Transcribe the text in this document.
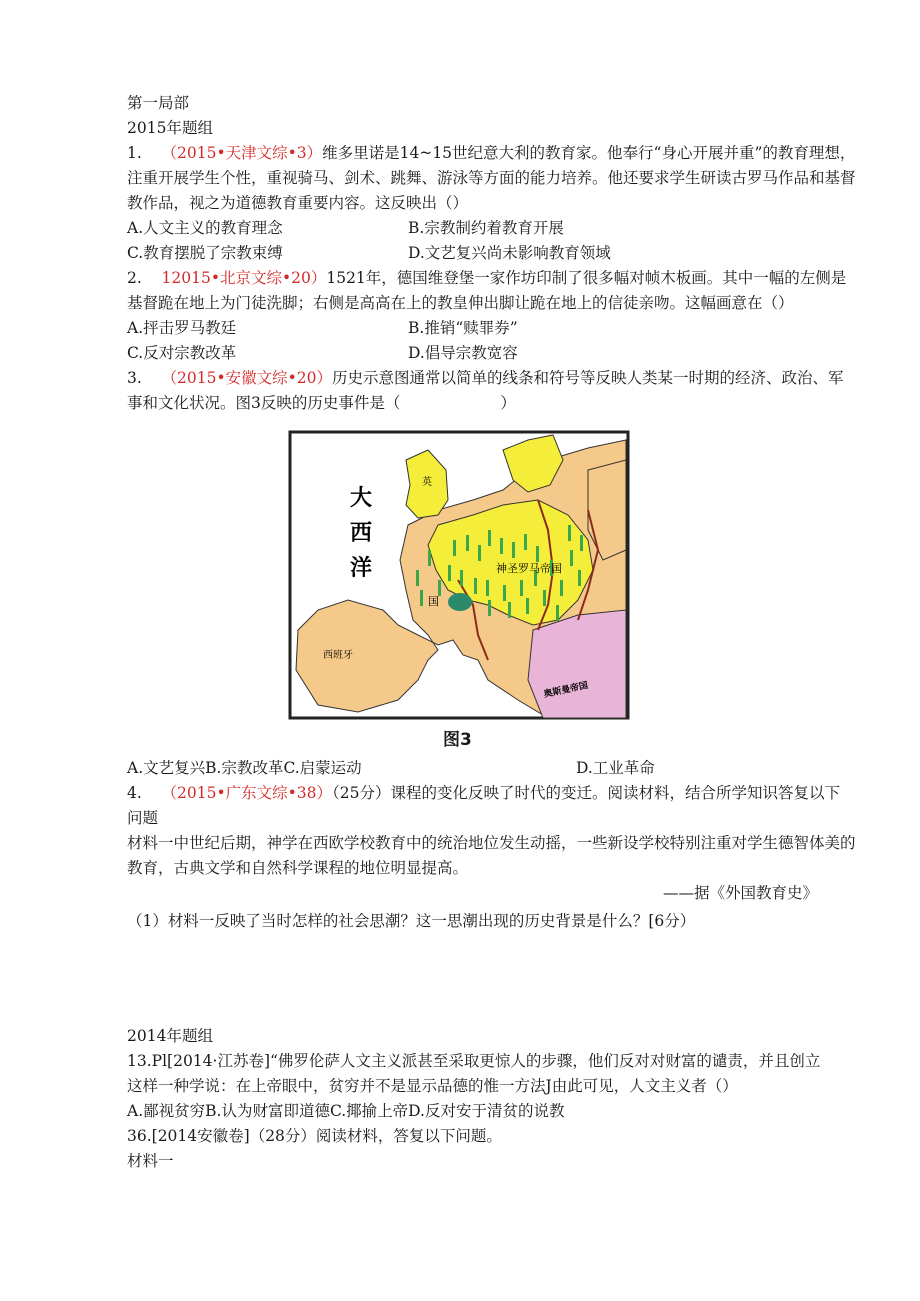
第一局部
2015年题组
1. （2015•天津文综•3）维多里诺是14~15世纪意大利的教育家。他奉行“身心开展并重”的教育理想，
注重开展学生个性，重视骑马、剑术、跳舞、游泳等方面的能力培养。他还要求学生研读古罗马作品和基督
教作品，视之为道德教育重要内容。这反映出（）
A.人文主义的教育理念	B.宗教制约着教育开展
C.教育摆脱了宗教束缚	D.文艺复兴尚未影响教育领域
2. 12015•北京文综•20）1521年，德国维登堡一家作坊印制了很多幅对帧木板画。其中一幅的左侧是
基督跪在地上为门徒洗脚；右侧是高高在上的教皇伸出脚让跪在地上的信徒亲吻。这幅画意在（）
A.抨击罗马教廷	B.推销“赎罪券”
C.反对宗教改革	D.倡导宗教宽容
3. （2015•安徽文综•20）历史示意图通常以简单的线条和符号等反映人类某一时期的经济、政治、军
事和文化状况。图3反映的历史事件是（	）
大
西
洋	神圣罗马帝国
奥斯曼帝国
西班牙
国
英
图3
A.文艺复兴B.宗教改革C.启蒙运动	D.工业革命
4. （2015•广东文综•38）（25分）课程的变化反映了时代的变迁。阅读材料，结合所学知识答复以下
问题
材料一中世纪后期，神学在西欧学校教育中的统治地位发生动摇，一些新设学校特别注重对学生德智体美的
教育，古典文学和自然科学课程的地位明显提高。
——据《外国教育史》
（1）材料一反映了当时怎样的社会思潮？这一思潮出现的历史背景是什么？[6分）
2014年题组
13.Pl[2014·江苏卷]“佛罗伦萨人文主义派甚至采取更惊人的步骤，他们反对对财富的谴责，并且创立
这样一种学说：在上帝眼中，贫穷并不是显示品德的惟一方法J由此可见，人文主义者（）
A.鄙视贫穷B.认为财富即道德C.揶揄上帝D.反对安于清贫的说教
36.[2014安徽卷]（28分）阅读材料，答复以下问题。
材料一
